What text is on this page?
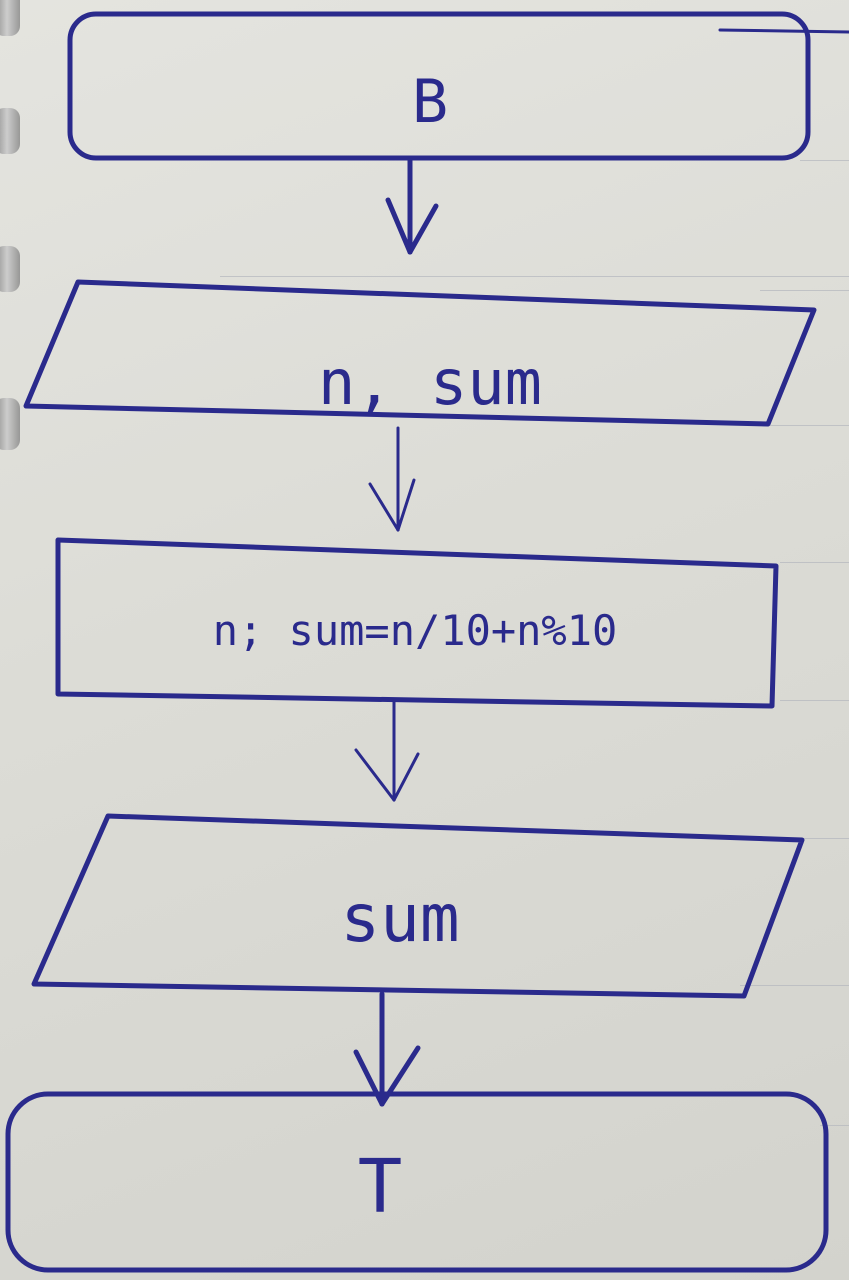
B
n, sum
n; sum=n/10+n%10
sum
T
